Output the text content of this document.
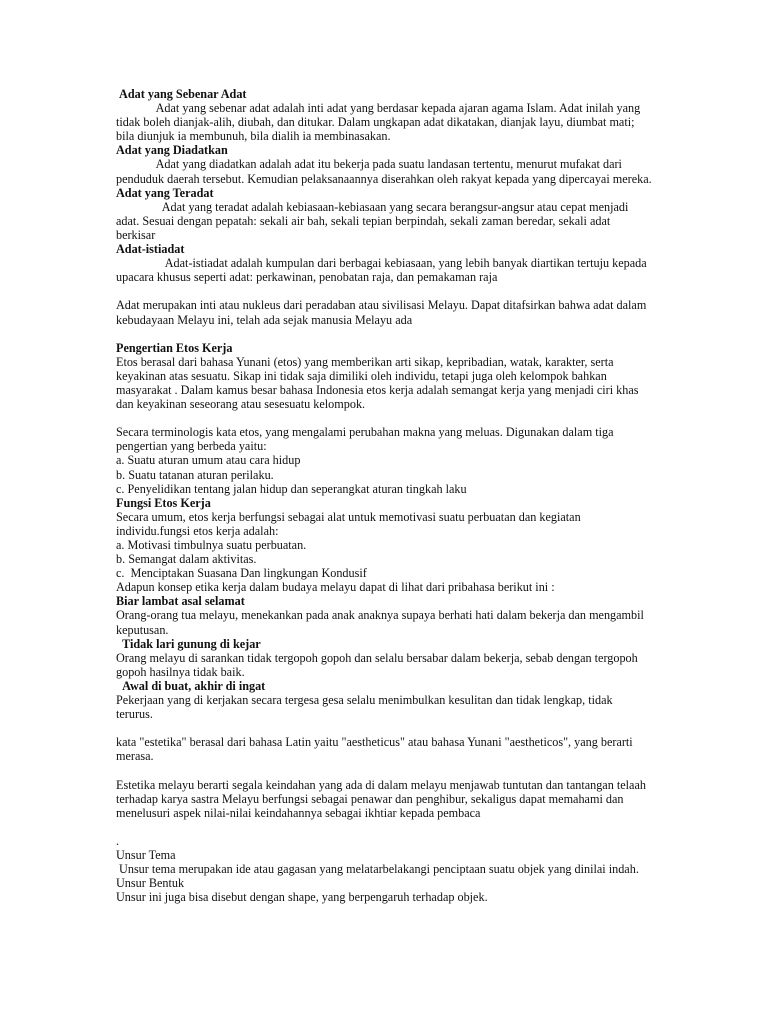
Adat yang Sebenar Adat
Adat yang sebenar adat adalah inti adat yang berdasar kepada ajaran agama Islam. Adat inilah yang tidak boleh dianjak-alih, diubah, dan ditukar. Dalam ungkapan adat dikatakan, dianjak layu, diumbat mati; bila diunjuk ia membunuh, bila dialih ia membinasakan.
Adat yang Diadatkan
Adat yang diadatkan adalah adat itu bekerja pada suatu landasan tertentu, menurut mufakat dari penduduk daerah tersebut. Kemudian pelaksanaannya diserahkan oleh rakyat kepada yang dipercayai mereka.
Adat yang Teradat
Adat yang teradat adalah kebiasaan-kebiasaan yang secara berangsur-angsur atau cepat menjadi adat. Sesuai dengan pepatah: sekali air bah, sekali tepian berpindah, sekali zaman beredar, sekali adat berkisar
Adat-istiadat
Adat-istiadat adalah kumpulan dari berbagai kebiasaan, yang lebih banyak diartikan tertuju kepada upacara khusus seperti adat: perkawinan, penobatan raja, dan pemakaman raja
Adat merupakan inti atau nukleus dari peradaban atau sivilisasi Melayu. Dapat ditafsirkan bahwa adat dalam kebudayaan Melayu ini, telah ada sejak manusia Melayu ada
Pengertian Etos Kerja
Etos berasal dari bahasa Yunani (etos) yang memberikan arti sikap, kepribadian, watak, karakter, serta keyakinan atas sesuatu. Sikap ini tidak saja dimiliki oleh individu, tetapi juga oleh kelompok bahkan masyarakat . Dalam kamus besar bahasa Indonesia etos kerja adalah semangat kerja yang menjadi ciri khas dan keyakinan seseorang atau sesesuatu kelompok.
Secara terminologis kata etos, yang mengalami perubahan makna yang meluas. Digunakan dalam tiga pengertian yang berbeda yaitu:
a. Suatu aturan umum atau cara hidup
b. Suatu tatanan aturan perilaku.
c. Penyelidikan tentang jalan hidup dan seperangkat aturan tingkah laku
Fungsi Etos Kerja
Secara umum, etos kerja berfungsi sebagai alat untuk memotivasi suatu perbuatan dan kegiatan individu.fungsi etos kerja adalah:
a. Motivasi timbulnya suatu perbuatan.
b. Semangat dalam aktivitas.
c.  Menciptakan Suasana Dan lingkungan Kondusif
Adapun konsep etika kerja dalam budaya melayu dapat di lihat dari pribahasa berikut ini :
Biar lambat asal selamat
Orang-orang tua melayu, menekankan pada anak anaknya supaya berhati hati dalam bekerja dan mengambil keputusan.
Tidak lari gunung di kejar
Orang melayu di sarankan tidak tergopoh gopoh dan selalu bersabar dalam bekerja, sebab dengan tergopoh gopoh hasilnya tidak baik.
Awal di buat, akhir di ingat
Pekerjaan yang di kerjakan secara tergesa gesa selalu menimbulkan kesulitan dan tidak lengkap, tidak terurus.
kata "estetika" berasal dari bahasa Latin yaitu "aestheticus" atau bahasa Yunani "aestheticos", yang berarti merasa.
Estetika melayu berarti segala keindahan yang ada di dalam melayu menjawab tuntutan dan tantangan telaah terhadap karya sastra Melayu berfungsi sebagai penawar dan penghibur, sekaligus dapat memahami dan menelusuri aspek nilai-nilai keindahannya sebagai ikhtiar kepada pembaca
.
Unsur Tema
Unsur tema merupakan ide atau gagasan yang melatarbelakangi penciptaan suatu objek yang dinilai indah.
Unsur Bentuk
Unsur ini juga bisa disebut dengan shape, yang berpengaruh terhadap objek.
